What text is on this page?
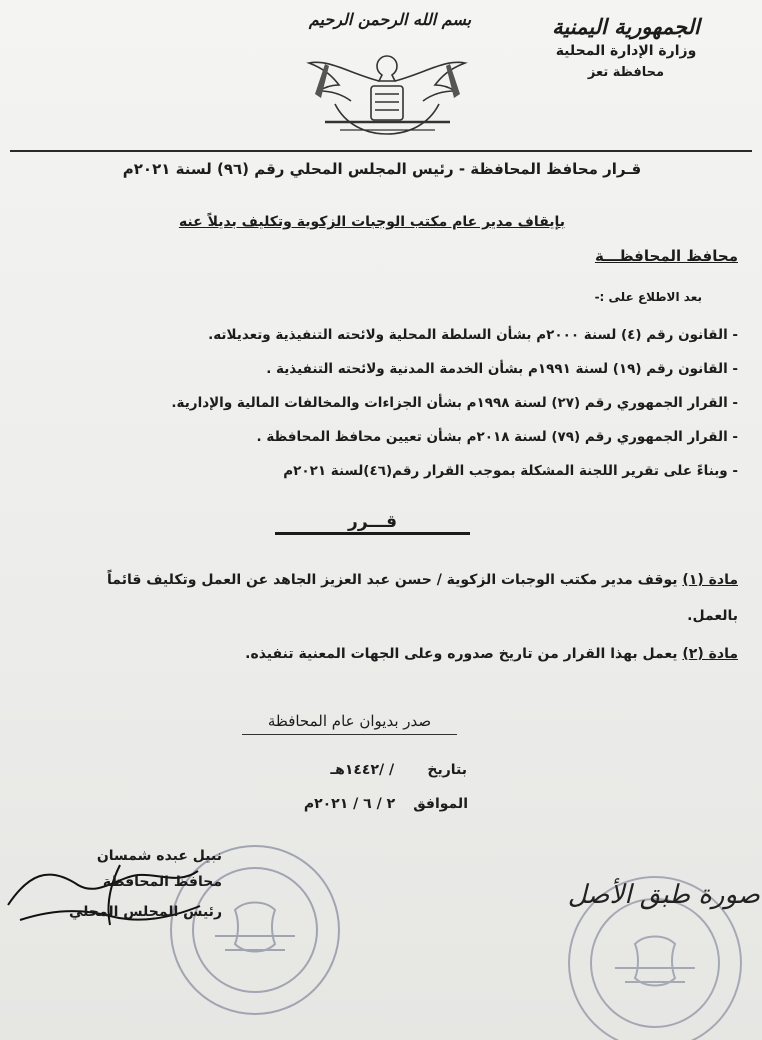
الجمهورية اليمنية
وزارة الإدارة المحلية
محافظة تعز
بسم الله الرحمن الرحيم
قـرار محافظ المحافظة - رئيس المجلس المحلي رقم (٩٦) لسنة ٢٠٢١م
بإيقاف مدير عام مكتب الوجبات الزكوية وتكليف بديلاً عنه
محافظ المحافظـــة
بعد الاطلاع على :-
- القانون رقم (٤) لسنة ٢٠٠٠م بشأن السلطة المحلية ولائحته التنفيذية وتعديلاته.
- القانون رقم (١٩) لسنة ١٩٩١م بشأن الخدمة المدنية ولائحته التنفيذية .
- القرار الجمهوري رقم (٢٧) لسنة ١٩٩٨م بشأن الجزاءات والمخالفات المالية والإدارية.
- القرار الجمهوري رقم (٧٩) لسنة ٢٠١٨م بشأن تعيين محافظ المحافظة .
- وبناءً على تقرير اللجنة المشكلة بموجب القرار رقم(٤٦)لسنة ٢٠٢١م
قـــرر
مادة (١) يوقف مدير مكتب الوجبات الزكوية / حسن عبد العزيز الجاهد عن العمل وتكليف قائماً
بالعمل.
مادة (٢) يعمل بهذا القرار من تاريخ صدوره وعلى الجهات المعنية تنفيذه.
صدر بديوان عام المحافظة
بتاريخ / /١٤٤٢هـ
الموافق ٢ / ٦ / ٢٠٢١م
نبيل عبده شمسان
محافظ المحافظة
رئيس المجلس المحلي
صورة طبق الأصل
